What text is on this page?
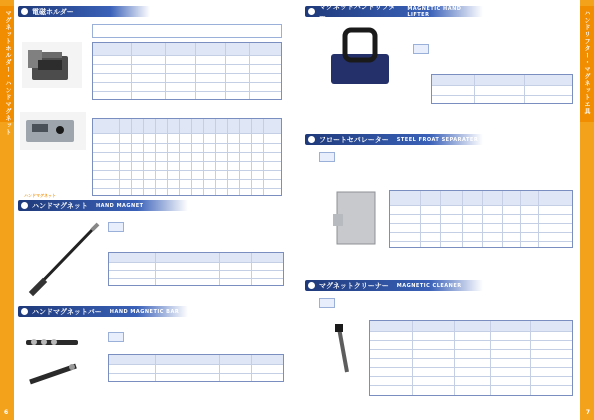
マグネットホルダー・ハンドマグネット
6
電磁ホルダー
ハンドマグネット
ハンドマグネット HAND MAGNET
ハンドマグネットバー HAND MAGNETIC BAR
ハンドリフター・マグネットエ具
7
マグネットハンドリフター
MAGNETIC HAND LIFTER
フロートセパレーター STEEL FROAT SEPARATER
マグネットクリーナー MAGNETIC CLEANER
